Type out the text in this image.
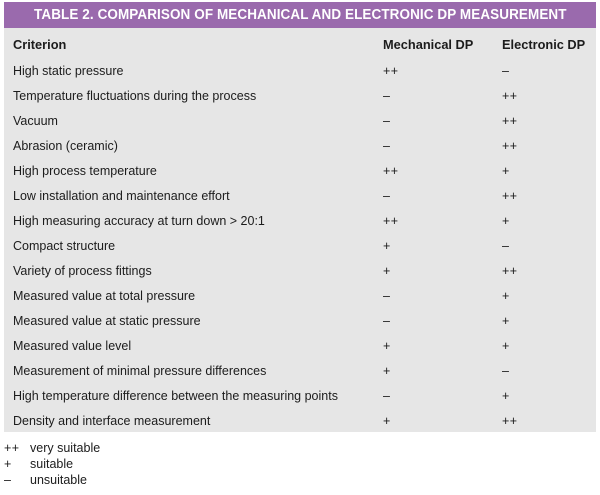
TABLE 2. COMPARISON OF MECHANICAL AND ELECTRONIC DP MEASUREMENT
Criterion	Mechanical DP	Electronic DP
High static pressure	++	–
Temperature fluctuations during the process	–	++
Vacuum	–	++
Abrasion (ceramic)	–	++
High process temperature	++	+
Low installation and maintenance effort	–	++
High measuring accuracy at turn down > 20:1	++	+
Compact structure	+	–
Variety of process fittings	+	++
Measured value at total pressure	–	+
Measured value at static pressure	–	+
Measured value level	+	+
Measurement of minimal pressure differences	+	–
High temperature difference between the measuring points	–	+
Density and interface measurement	+	++
++ very suitable
+	suitable
–	unsuitable
